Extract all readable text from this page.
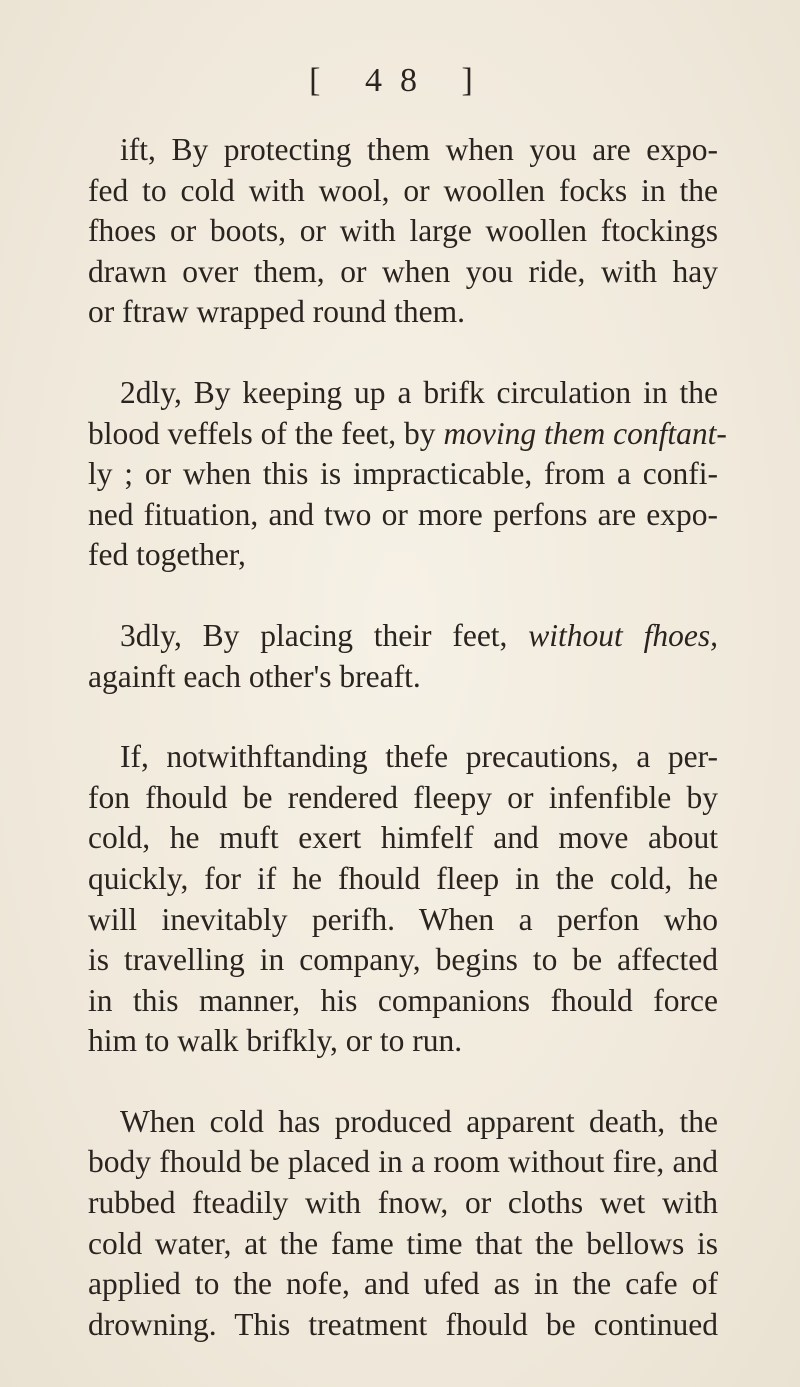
[ 48 ]
ift, By protecting them when you are expo-
fed to cold with wool, or woollen focks in the
fhoes or boots, or with large woollen ftockings
drawn over them, or when you ride, with hay
or ftraw wrapped round them.
2dly, By keeping up a brifk circulation in the
blood veffels of the feet, by moving them conftant-
ly ; or when this is impracticable, from a confi-
ned fituation, and two or more perfons are expo-
fed together,
3dly, By placing their feet, without fhoes,
againft each other's breaft.
If, notwithftanding thefe precautions, a per-
fon fhould be rendered fleepy or infenfible by
cold, he muft exert himfelf and move about
quickly, for if he fhould fleep in the cold, he
will inevitably perifh. When a perfon who
is travelling in company, begins to be affected
in this manner, his companions fhould force
him to walk brifkly, or to run.
When cold has produced apparent death, the
body fhould be placed in a room without fire, and
rubbed fteadily with fnow, or cloths wet with
cold water, at the fame time that the bellows is
applied to the nofe, and ufed as in the cafe of
drowning. This treatment fhould be continued
